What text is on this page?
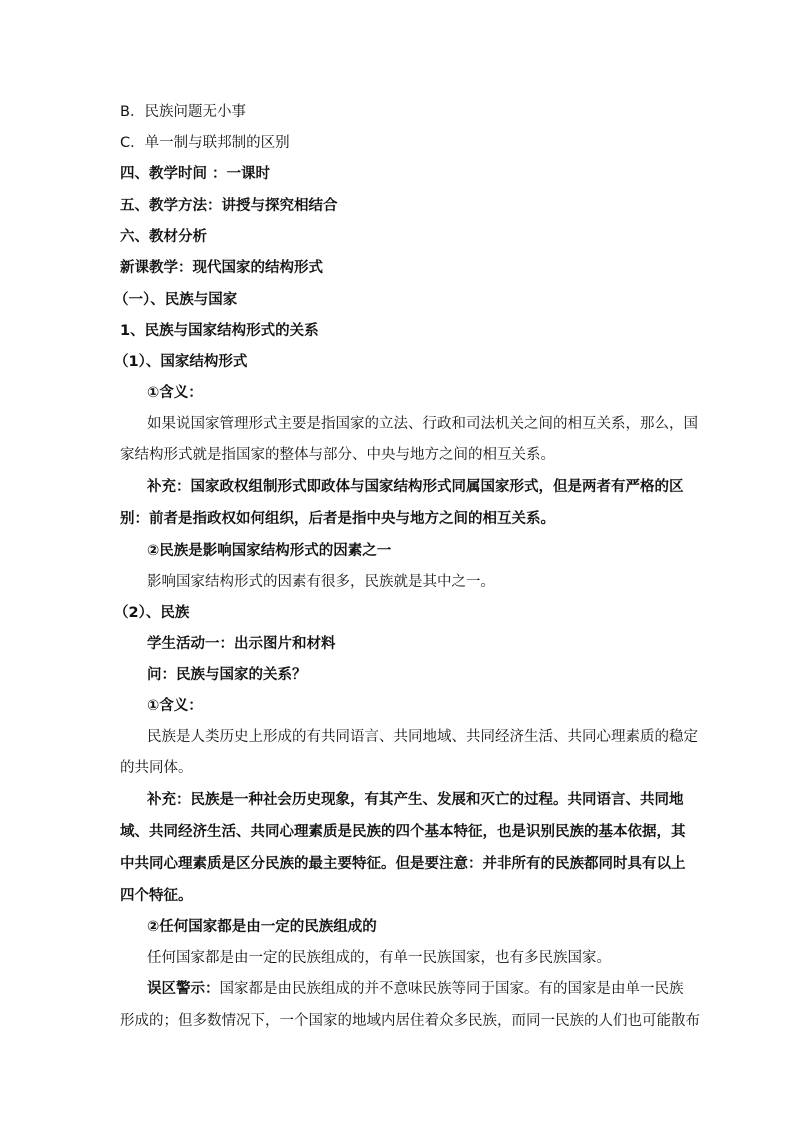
B．民族问题无小事
C．单一制与联邦制的区别
四、教学时间 ：一课时
五、教学方法：讲授与探究相结合
六、教材分析
新课教学：现代国家的结构形式
（一）、民族与国家
1、民族与国家结构形式的关系
（1）、国家结构形式
①含义：
如果说国家管理形式主要是指国家的立法、行政和司法机关之间的相互关系，那么，国
家结构形式就是指国家的整体与部分、中央与地方之间的相互关系。
补充：国家政权组制形式即政体与国家结构形式同属国家形式，但是两者有严格的区
别：前者是指政权如何组织，后者是指中央与地方之间的相互关系。
②民族是影响国家结构形式的因素之一
影响国家结构形式的因素有很多，民族就是其中之一。
（2）、民族
学生活动一：出示图片和材料
问：民族与国家的关系？
①含义：
民族是人类历史上形成的有共同语言、共同地域、共同经济生活、共同心理素质的稳定
的共同体。
补充：民族是一种社会历史现象，有其产生、发展和灭亡的过程。共同语言、共同地
域、共同经济生活、共同心理素质是民族的四个基本特征，也是识别民族的基本依据，其
中共同心理素质是区分民族的最主要特征。但是要注意：并非所有的民族都同时具有以上
四个特征。
②任何国家都是由一定的民族组成的
任何国家都是由一定的民族组成的，有单一民族国家，也有多民族国家。
误区警示：国家都是由民族组成的并不意味民族等同于国家。有的国家是由单一民族
形成的；但多数情况下，一个国家的地域内居住着众多民族，而同一民族的人们也可能散布
